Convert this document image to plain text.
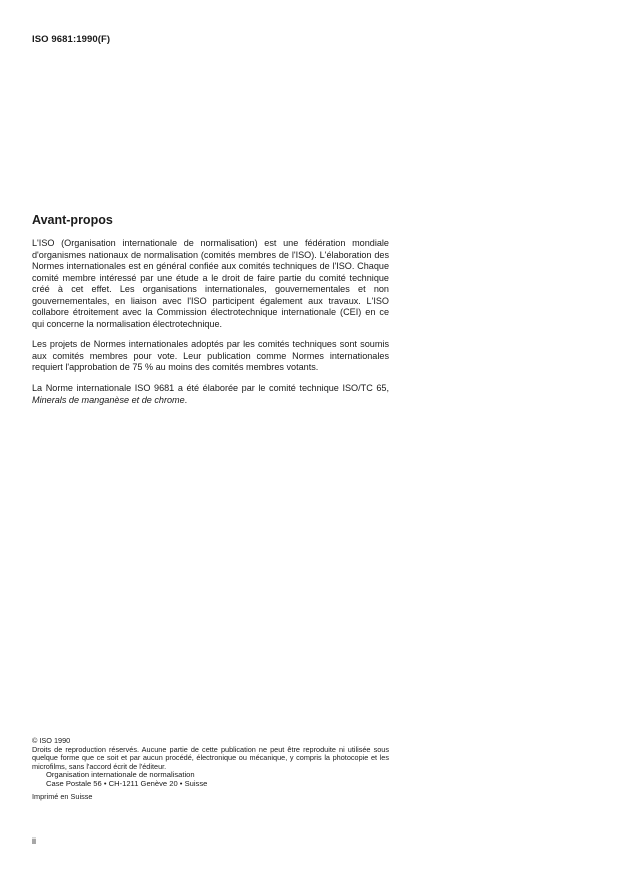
ISO 9681:1990(F)
Avant-propos

L'ISO (Organisation internationale de normalisation) est une fédération mondiale d'organismes nationaux de normalisation (comités membres de l'ISO). L'élaboration des Normes internationales est en général confiée aux comités techniques de l'ISO. Chaque comité membre intéressé par une étude a le droit de faire partie du comité technique créé à cet effet. Les organisations internationales, gouvernementales et non gouvernementales, en liaison avec l'ISO participent également aux travaux. L'ISO collabore étroitement avec la Commission électrotechnique internationale (CEI) en ce qui concerne la normalisation électrotechnique.

Les projets de Normes internationales adoptés par les comités techniques sont soumis aux comités membres pour vote. Leur publication comme Normes internationales requiert l'approbation de 75 % au moins des comités membres votants.

La Norme internationale ISO 9681 a été élaborée par le comité technique ISO/TC 65, Minerals de manganèse et de chrome.

© ISO 1990

Droits de reproduction réservés. Aucune partie de cette publication ne peut être reproduite ni utilisée sous quelque forme que ce soit et par aucun procédé, électronique ou mécanique, y compris la photocopie et les microfilms, sans l'accord écrit de l'éditeur.

Organisation internationale de normalisation

Case Postale 56 • CH-1211 Genève 20 • Suisse

Imprimé en Suisse

ii
